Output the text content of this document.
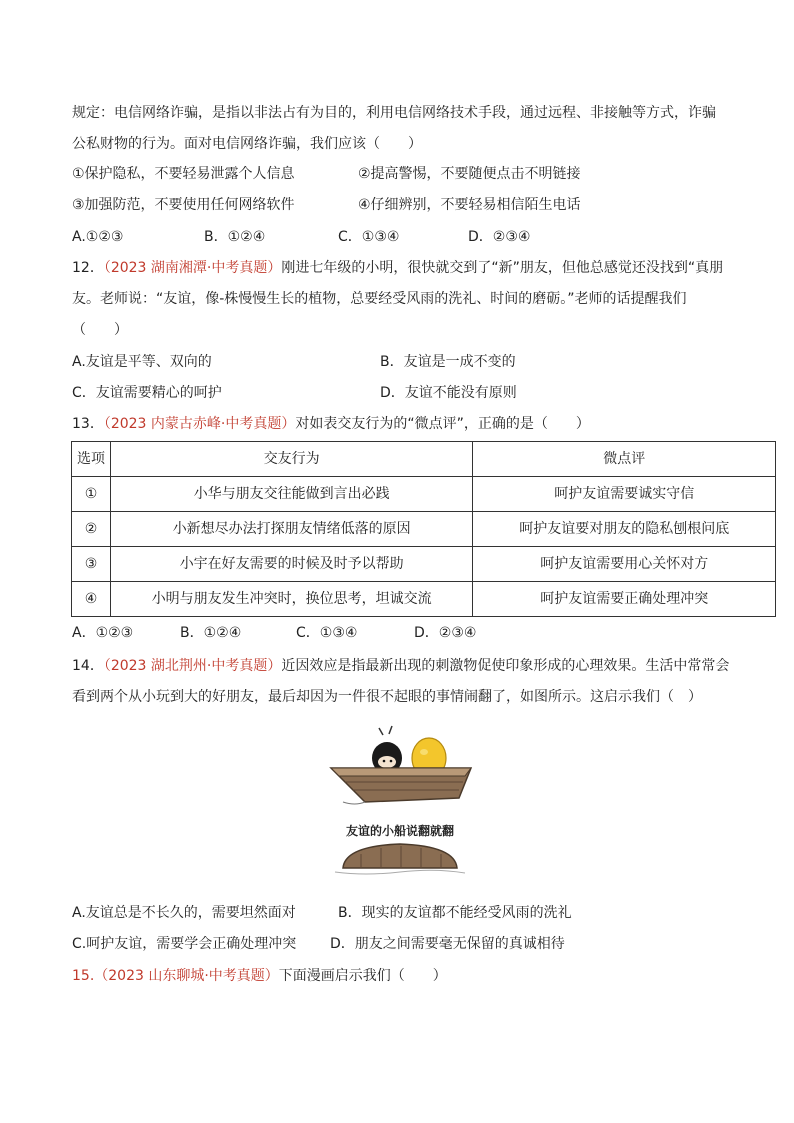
规定：电信网络诈骗，是指以非法占有为目的，利用电信网络技术手段，通过远程、非接触等方式，诈骗
公私财物的行为。面对电信网络诈骗，我们应该（　　）
①保护隐私，不要轻易泄露个人信息	②提高警惕，不要随便点击不明链接
③加强防范，不要使用任何网络软件	④仔细辨别，不要轻易相信陌生电话
A.①②③	B．①②④	C．①③④	D．②③④
12．（2023 湖南湘潭·中考真题）刚进七年级的小明，很快就交到了“新”朋友，但他总感觉还没找到“真朋
友。老师说：“友谊，像-株慢慢生长的植物，总要经受风雨的洗礼、时间的磨砺。”老师的话提醒我们
（　　）
A.友谊是平等、双向的	B．友谊是一成不变的
C．友谊需要精心的呵护	D．友谊不能没有原则
13．（2023 内蒙古赤峰·中考真题）对如表交友行为的“微点评”，正确的是（　　）
选项	交友行为	微点评
①	小华与朋友交往能做到言出必践	呵护友谊需要诚实守信
②	小新想尽办法打探朋友情绪低落的原因	呵护友谊要对朋友的隐私刨根问底
③	小宇在好友需要的时候及时予以帮助	呵护友谊需要用心关怀对方
④	小明与朋友发生冲突时，换位思考，坦诚交流	呵护友谊需要正确处理冲突
A．①②③	B．①②④	C．①③④	D．②③④
14．（2023 湖北荆州·中考真题）近因效应是指最新出现的刺激物促使印象形成的心理效果。生活中常常会
看到两个从小玩到大的好朋友，最后却因为一件很不起眼的事情闹翻了，如图所示。这启示我们（　）
友谊的小船说翻就翻
A.友谊总是不长久的，需要坦然面对	B．现实的友谊都不能经受风雨的洗礼
C.呵护友谊，需要学会正确处理冲突 D．朋友之间需要毫无保留的真诚相待
15.（2023 山东聊城·中考真题）下面漫画启示我们（　　）
